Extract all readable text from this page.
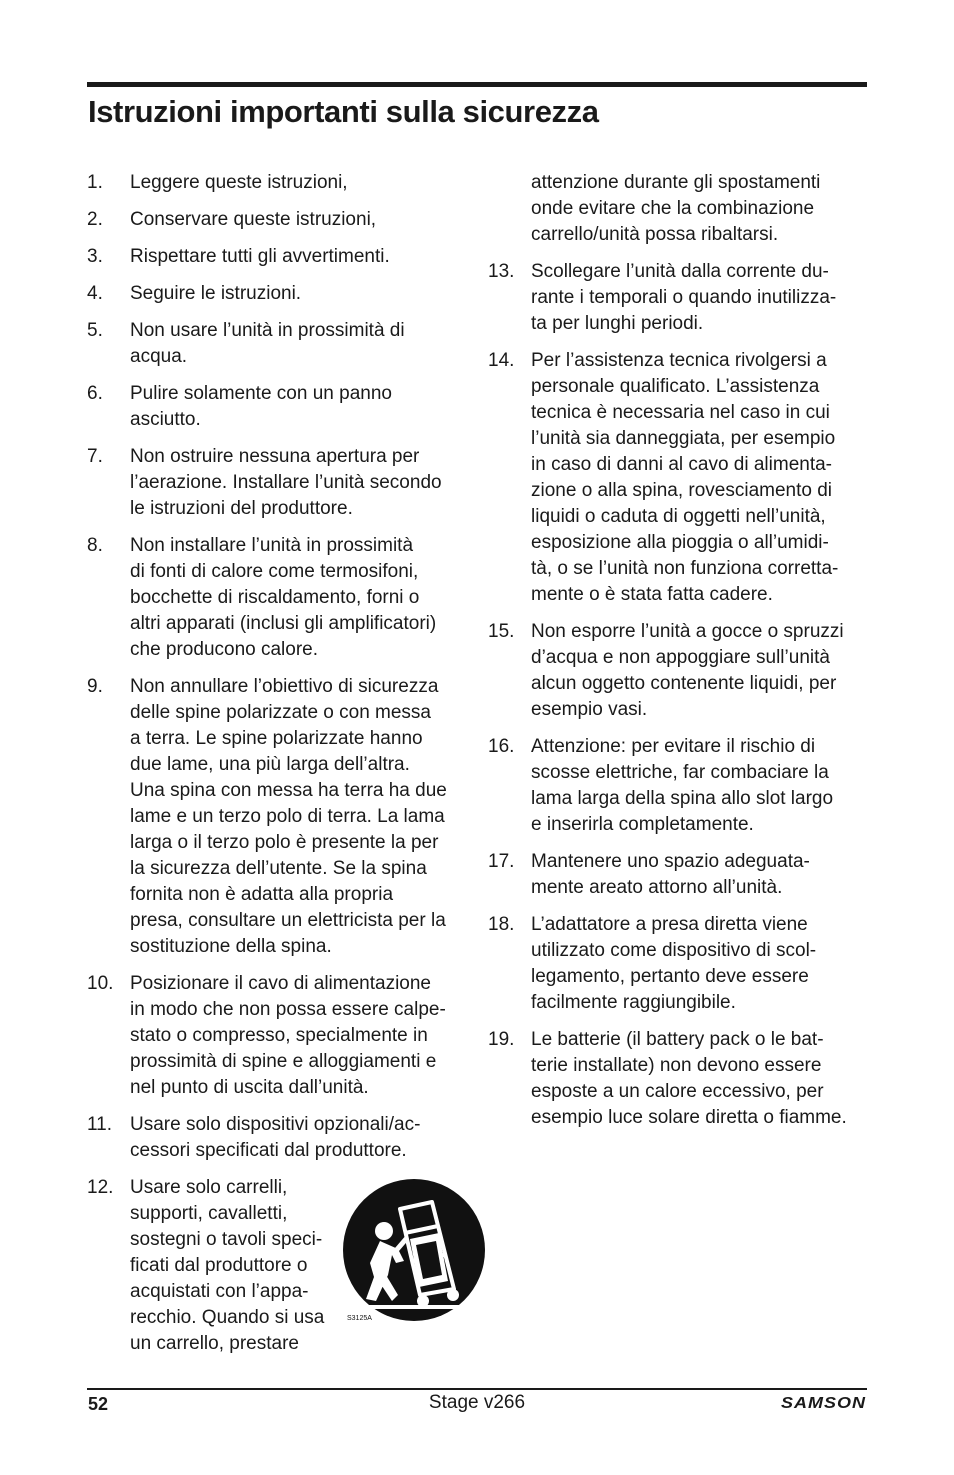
Istruzioni importanti sulla sicurezza
1.	Leggere queste istruzioni,
2.	Conservare queste istruzioni,
3.	Rispettare tutti gli avvertimenti.
4.	Seguire le istruzioni.
5.	Non usare l’unità in prossimità di
acqua.
6.	Pulire solamente con un panno
asciutto.
7.	Non ostruire nessuna apertura per
l’aerazione. Installare l’unità secondo
le istruzioni del produttore.
8.	Non installare l’unità in prossimità
di fonti di calore come termosifoni,
bocchette di riscaldamento, forni o
altri apparati (inclusi gli amplificatori)
che producono calore.
9.	Non annullare l’obiettivo di sicurezza
delle spine polarizzate o con messa
a terra. Le spine polarizzate hanno
due lame, una più larga dell’altra.
Una spina con messa ha terra ha due
lame e un terzo polo di terra. La lama
larga o il terzo polo è presente la per
la sicurezza dell’utente. Se la spina
fornita non è adatta alla propria
presa, consultare un elettricista per la
sostituzione della spina.
10. Posizionare il cavo di alimentazione
in modo che non possa essere calpe-
stato o compresso, specialmente in
prossimità di spine e alloggiamenti e
nel punto di uscita dall’unità.
11. Usare solo dispositivi opzionali/ac-
cessori specificati dal produttore.
12. Usare solo carrelli,
supporti, cavalletti,
sostegni o tavoli speci-
ficati dal produttore o
acquistati con l’appa-
recchio. Quando si usa
un carrello, prestare
attenzione durante gli spostamenti
onde evitare che la combinazione
carrello/unità possa ribaltarsi.
13. Scollegare l’unità dalla corrente du-
rante i temporali o quando inutilizza-
ta per lunghi periodi.
14. Per l’assistenza tecnica rivolgersi a
personale qualificato. L’assistenza
tecnica è necessaria nel caso in cui
l’unità sia danneggiata, per esempio
in caso di danni al cavo di alimenta-
zione o alla spina, rovesciamento di
liquidi o caduta di oggetti nell’unità,
esposizione alla pioggia o all’umidi-
tà, o se l’unità non funziona corretta-
mente o è stata fatta cadere.
15. Non esporre l’unità a gocce o spruzzi
d’acqua e non appoggiare sull’unità
alcun oggetto contenente liquidi, per
esempio vasi.
16. Attenzione: per evitare il rischio di
scosse elettriche, far combaciare la
lama larga della spina allo slot largo
e inserirla completamente.
17. Mantenere uno spazio adeguata-
mente areato attorno all’unità.
18. L’adattatore a presa diretta viene
utilizzato come dispositivo di scol-
legamento, pertanto deve essere
facilmente raggiungibile.
19. Le batterie (il battery pack o le bat-
terie installate) non devono essere
esposte a un calore eccessivo, per
esempio luce solare diretta o fiamme.
S3125A
52	Stage v266	SAMSON
